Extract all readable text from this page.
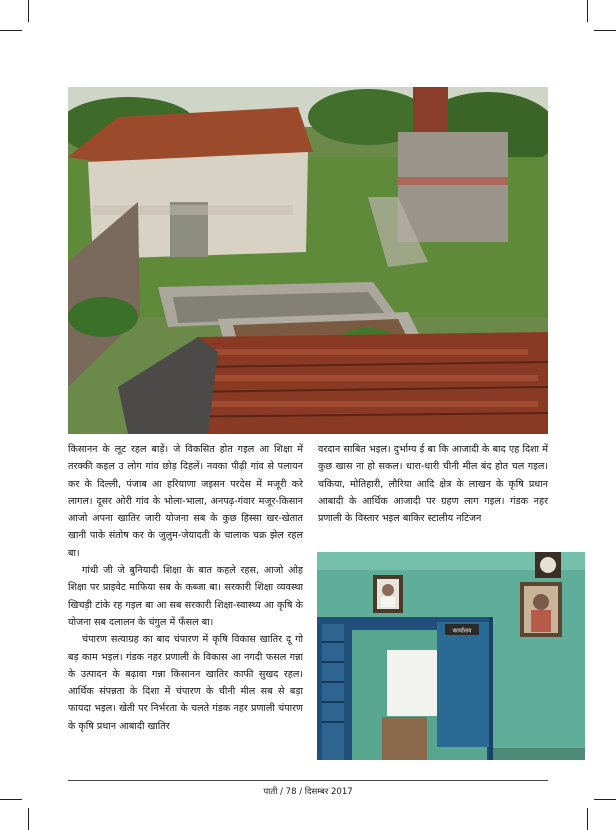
किसानन के लूट रहल बाड़ें। जे विकसित होत गइल आ शिक्षा में तरक्की कइल उ लोग गांव छोड़ दिहलें। नवका पीढ़ी गांव से पलायन कर के दिल्ली, पंजाब आ हरियाणा जइसन परदेस में मजूरी करे लागल। दूसर ओरी गांव के भोला-भाला, अनपढ़-गंवार मजूर-किसान आजो अपना खातिर जारी योजना सब के कुछ हिस्सा खर-खेतात खानी पाके संतोष कर के जुलुम-जेयादती के चालाक चक्र झेल रहल बा।

गांधी जी जे बुनियादी शिक्षा के बात कहले रहस, आजो ओह शिक्षा पर प्राइवेट माफिया सब के कब्जा बा। सरकारी शिक्षा व्यवस्था खिचड़ी टांके रह गइल बा आ सब सरकारी शिक्षा-स्वास्थ्य आ कृषि के योजना सब दलालन के चंगुल में फँसल बा।

चंपारण सत्याग्रह का बाद चंपारण में कृषि विकास खातिर दू गो बड़ काम भइल। गंडक नहर प्रणाली के विकास आ नगदी फसल गन्ना के उत्पादन के बढ़ावा गन्ना किसानन खातिर काफी सुखद रहल। आर्थिक संपन्नता के दिशा में चंपारण के चीनी मील सब से बड़ा फायदा भइल। खेती पर निर्भरता के चलते गंडक नहर प्रणाली चंपारण के कृषि प्रधान आबादी खातिर

वरदान साबित भइल। दुर्भाग्य ई बा कि आजादी के बाद एह दिशा में कुछ खास ना हो सकल। धारा-धारी चीनी मील बंद होत चल गइल। चकिया, मोतिहारी, लौरिया आदि क्षेत्र के लाखन के कृषि प्रधान आबादी के आर्थिक आजादी पर ग्रहण लाग गइल। गंडक नहर प्रणाली के विस्तार भइल बाकिर स्टालीय नटिजन

कार्यालय
पाती / 78 / दिसम्बर 2017
